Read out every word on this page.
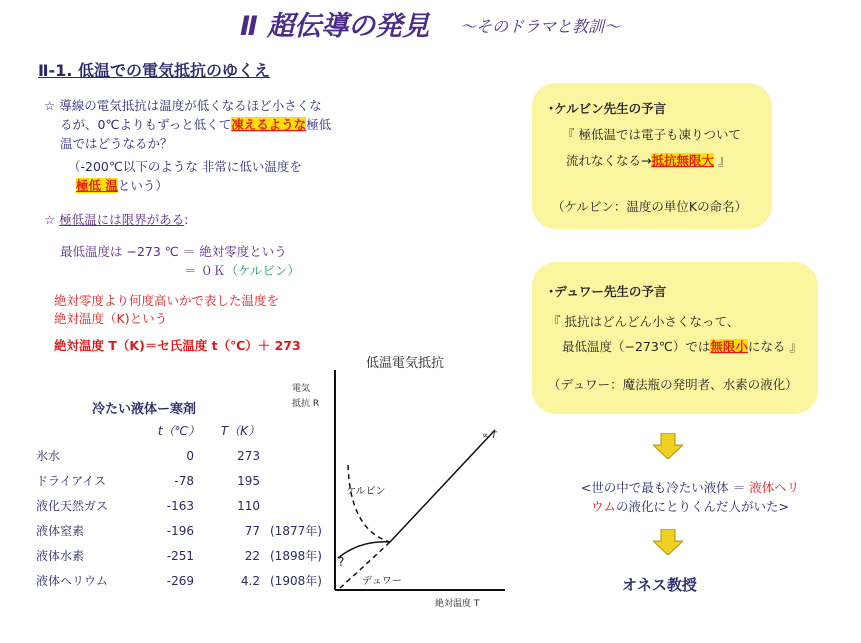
Ⅱ 超伝導の発見 ～そのドラマと教訓～
Ⅱ-1. 低温での電気抵抗のゆくえ
☆ 導線の電気抵抗は温度が低くなるほど小さくな
るが、0℃よりもずっと低くて凍えるような極低
温ではどうなるか？
（-200℃以下のような 非常に低い温度を
極低 温という）
☆ 極低温には限界がある:
最低温度は −273 ℃ ＝ 絶対零度という
＝ ０Ｋ（ケルビン）
絶対零度より何度高いかで表した温度を
絶対温度（K)という
絶対温度 T（K)＝セ氏温度 t（℃）＋ 273
冷たい液体ー寒剤
	t（℃）	T（K）	
氷水	0	273	
ドライアイス	-78	195	
液化天然ガス	-163	110	
液体窒素	-196	77	(1877年)
液体水素	-251	22	(1898年)
液体ヘリウム	-269	4.2	(1908年)
低温電気抵抗
電気
抵抗 R
∝ T
ケルビン
?
デュワー
絶対温度 T
･ケルビン先生の予言
『 極低温では電子も凍りついて
流れなくなる→抵抗無限大 』
（ケルビン：温度の単位Kの命名）
･デュワー先生の予言
『 抵抗はどんどん小さくなって、
最低温度（−273℃）では無限小になる 』
（デュワー：魔法瓶の発明者、水素の液化）
<世の中で最も冷たい液体 ＝ 液体ヘリ
ウムの液化にとりくんだ人がいた>
オネス教授
